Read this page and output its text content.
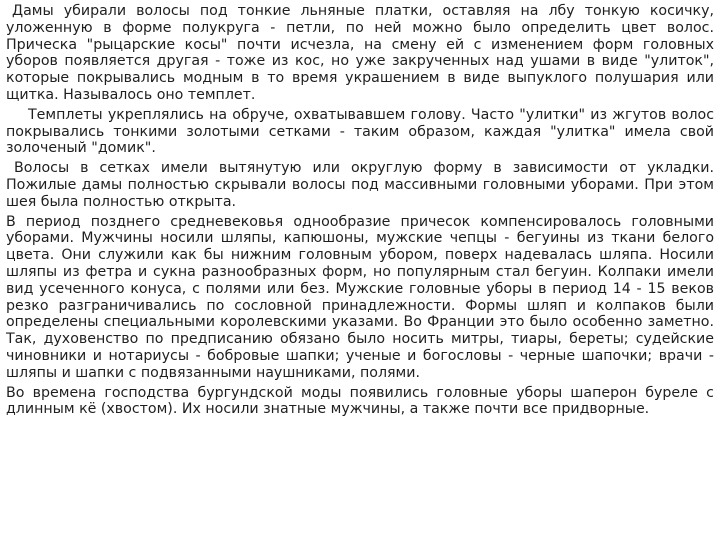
Дамы убирали волосы под тонкие льняные платки, оставляя на лбу тонкую косичку, уложенную в форме полукруга - петли, по ней можно было определить цвет волос. Прическа "рыцарские косы" почти исчезла, на смену ей с изменением форм головных уборов появляется другая - тоже из кос, но уже закрученных над ушами в виде "улиток", которые покрывались модным в то время украшением в виде выпуклого полушария или щитка. Называлось оно темплет.

Темплеты укреплялись на обруче, охватывавшем голову. Часто "улитки" из жгутов волос покрывались тонкими золотыми сетками - таким образом, каждая "улитка" имела свой золоченый "домик".

Волосы в сетках имели вытянутую или округлую форму в зависимости от укладки. Пожилые дамы полностью скрывали волосы под массивными головными уборами. При этом шея была полностью открыта.

В период позднего средневековья однообразие причесок компенсировалось головными уборами. Мужчины носили шляпы, капюшоны, мужские чепцы - бегуины из ткани белого цвета. Они служили как бы нижним головным убором, поверх надевалась шляпа. Носили шляпы из фетра и сукна разнообразных форм, но популярным стал бегуин. Колпаки имели вид усеченного конуса, с полями или без. Мужские головные уборы в период 14 - 15 веков резко разграничивались по сословной принадлежности. Формы шляп и колпаков были определены специальными королевскими указами. Во Франции это было особенно заметно. Так, духовенство по предписанию обязано было носить митры, тиары, береты; судейские чиновники и нотариусы - бобровые шапки; ученые и богословы - черные шапочки; врачи - шляпы и шапки с подвязанными наушниками, полями.

Во времена господства бургундской моды появились головные уборы шаперон буреле с длинным кё (хвостом). Их носили знатные мужчины, а также почти все придворные.
